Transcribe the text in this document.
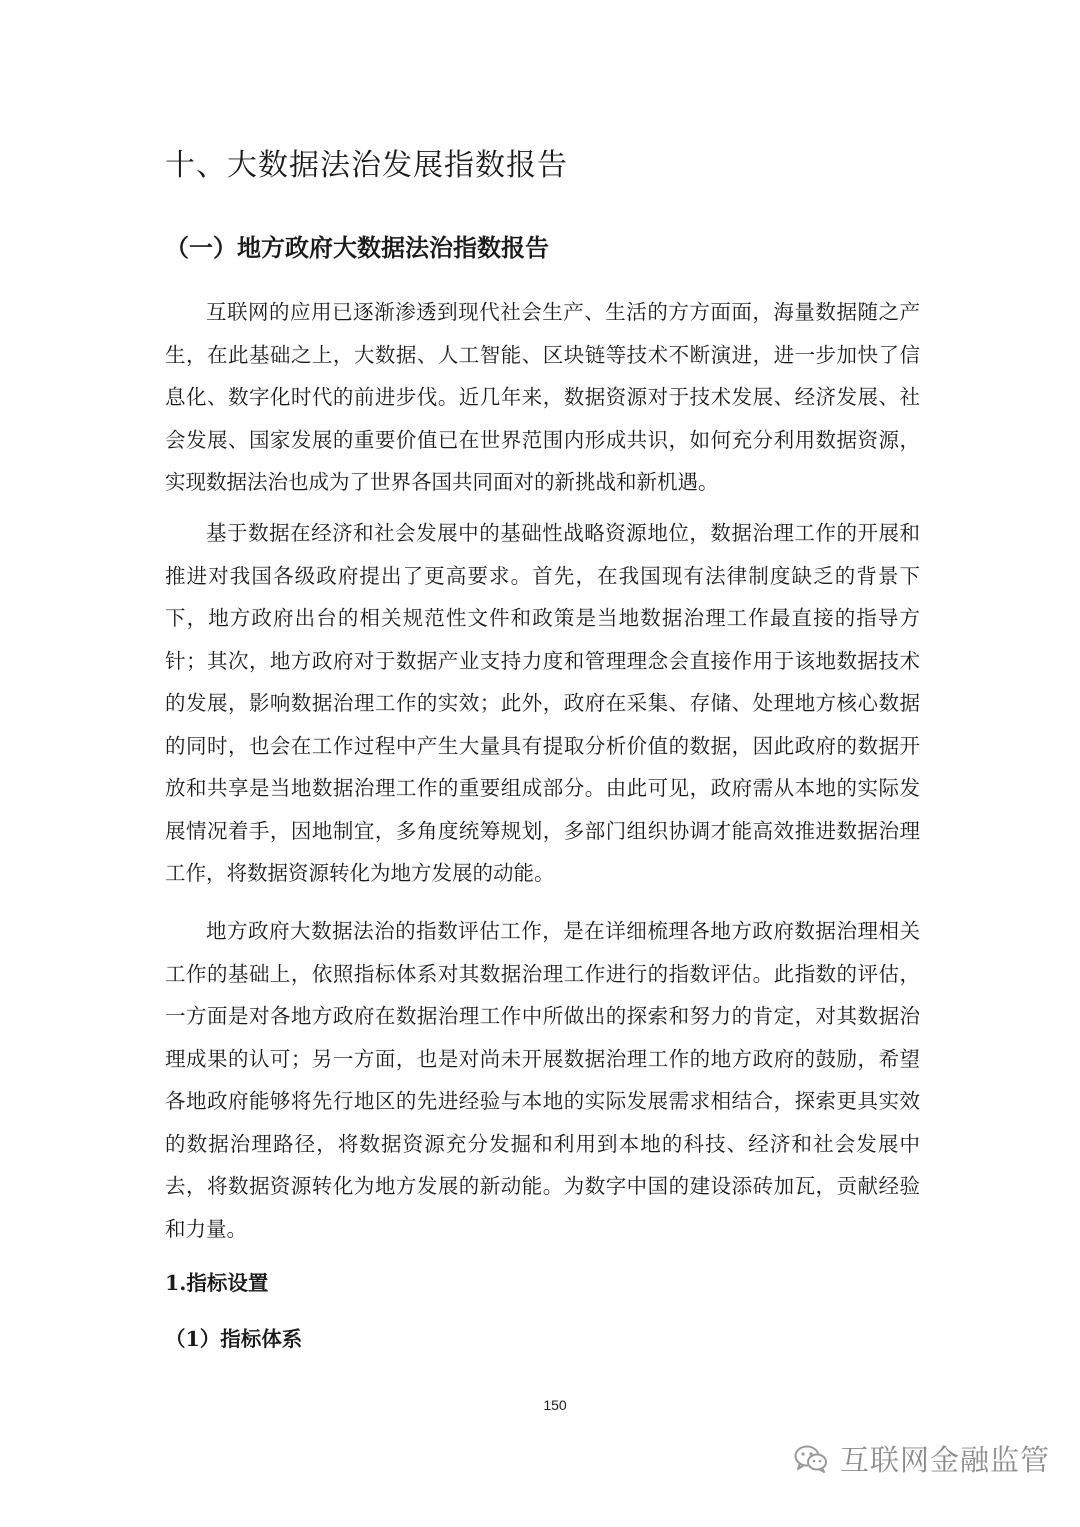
十、大数据法治发展指数报告
（一）地方政府大数据法治指数报告

互联网的应用已逐渐渗透到现代社会生产、生活的方方面面，海量数据随之产生，在此基础之上，大数据、人工智能、区块链等技术不断演进，进一步加快了信息化、数字化时代的前进步伐。近几年来，数据资源对于技术发展、经济发展、社会发展、国家发展的重要价值已在世界范围内形成共识，如何充分利用数据资源，实现数据法治也成为了世界各国共同面对的新挑战和新机遇。

基于数据在经济和社会发展中的基础性战略资源地位，数据治理工作的开展和推进对我国各级政府提出了更高要求。首先，在我国现有法律制度缺乏的背景下下，地方政府出台的相关规范性文件和政策是当地数据治理工作最直接的指导方针；其次，地方政府对于数据产业支持力度和管理理念会直接作用于该地数据技术的发展，影响数据治理工作的实效；此外，政府在采集、存储、处理地方核心数据的同时，也会在工作过程中产生大量具有提取分析价值的数据，因此政府的数据开放和共享是当地数据治理工作的重要组成部分。由此可见，政府需从本地的实际发展情况着手，因地制宜，多角度统筹规划，多部门组织协调才能高效推进数据治理工作，将数据资源转化为地方发展的动能。

地方政府大数据法治的指数评估工作，是在详细梳理各地方政府数据治理相关工作的基础上，依照指标体系对其数据治理工作进行的指数评估。此指数的评估，一方面是对各地方政府在数据治理工作中所做出的探索和努力的肯定，对其数据治理成果的认可；另一方面，也是对尚未开展数据治理工作的地方政府的鼓励，希望各地政府能够将先行地区的先进经验与本地的实际发展需求相结合，探索更具实效的数据治理路径，将数据资源充分发掘和利用到本地的科技、经济和社会发展中去，将数据资源转化为地方发展的新动能。为数字中国的建设添砖加瓦，贡献经验和力量。

1.指标设置
（1）指标体系
150
互联网金融监管
